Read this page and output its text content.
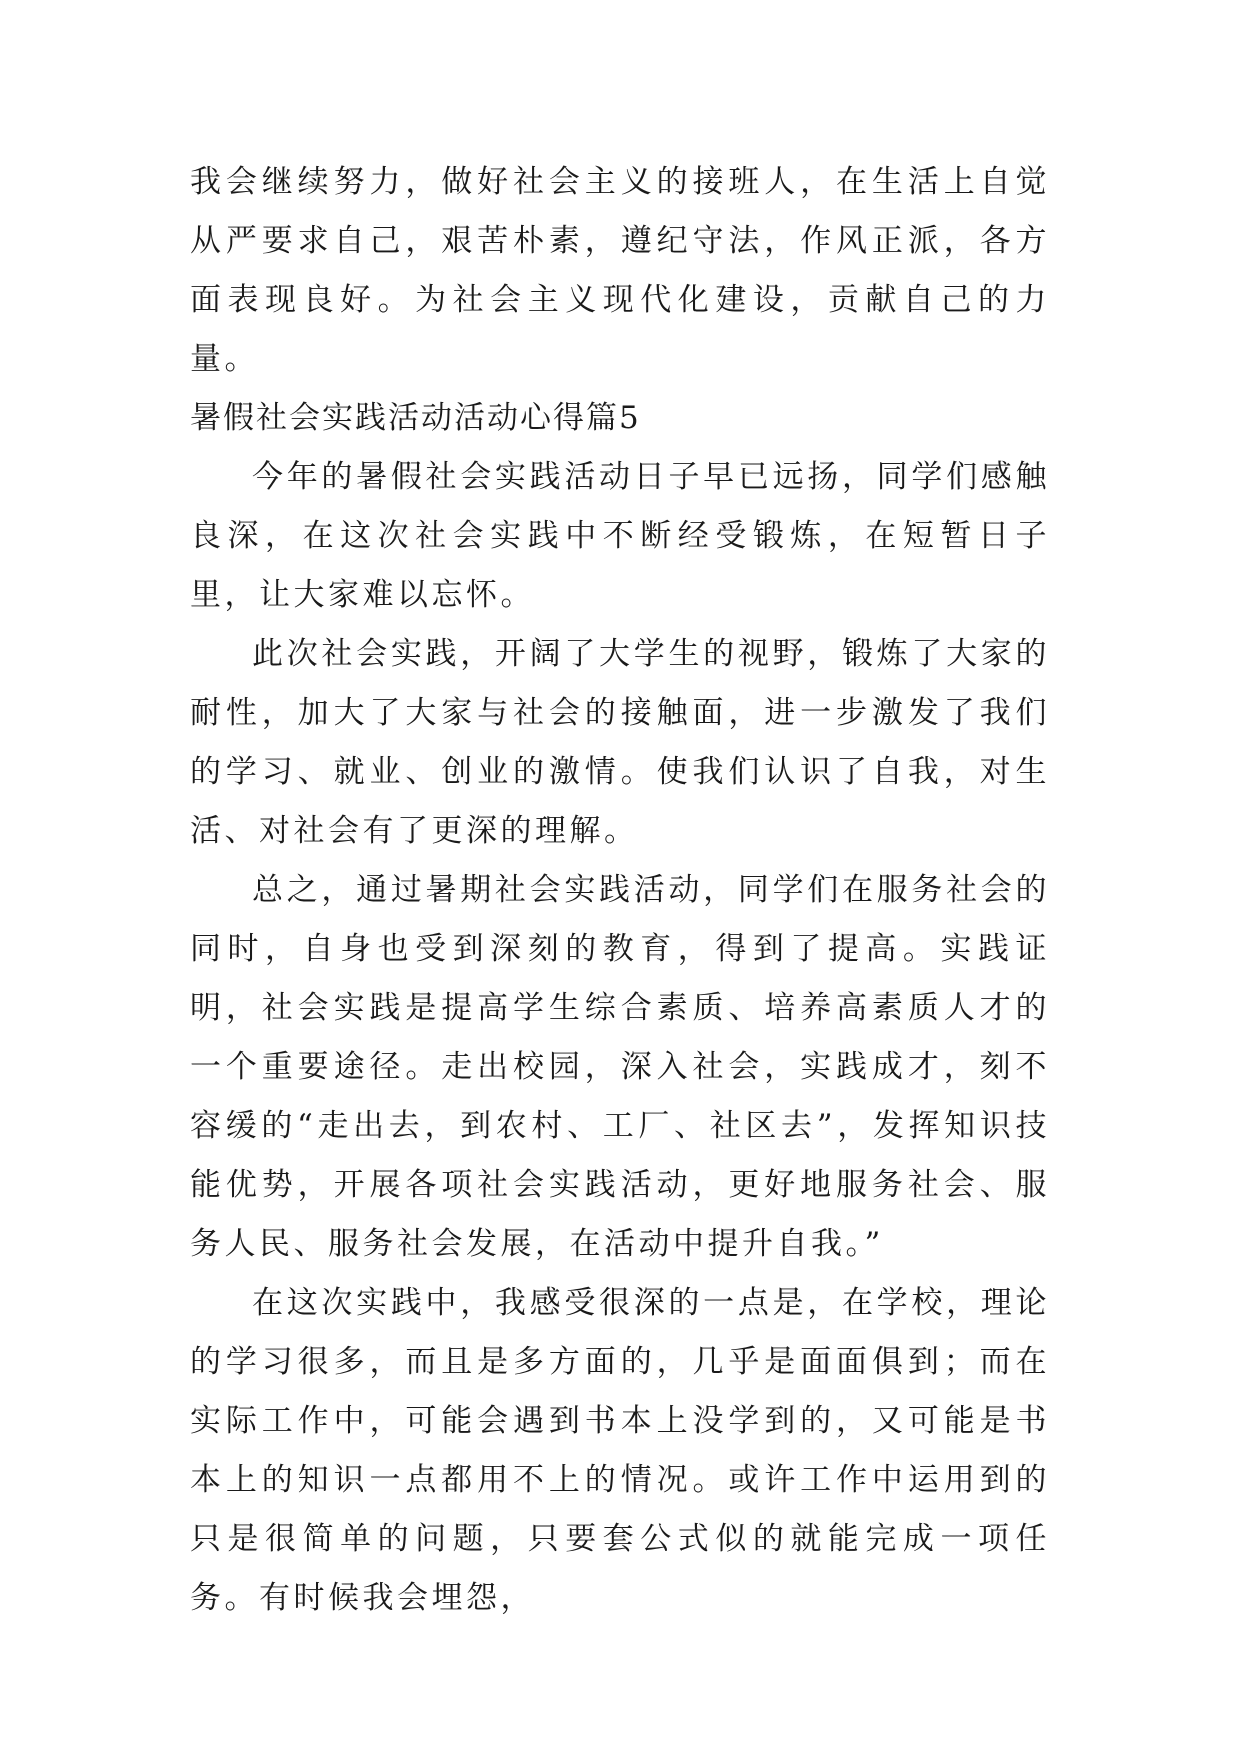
我会继续努力，做好社会主义的接班人，在生活上自觉从严要求自己，艰苦朴素，遵纪守法，作风正派，各方面表现良好。为社会主义现代化建设，贡献自己的力量。

暑假社会实践活动活动心得篇5

今年的暑假社会实践活动日子早已远扬，同学们感触良深，在这次社会实践中不断经受锻炼，在短暂日子里，让大家难以忘怀。

此次社会实践，开阔了大学生的视野，锻炼了大家的耐性，加大了大家与社会的接触面，进一步激发了我们的学习、就业、创业的激情。使我们认识了自我，对生活、对社会有了更深的理解。

总之，通过暑期社会实践活动，同学们在服务社会的同时，自身也受到深刻的教育，得到了提高。实践证明，社会实践是提高学生综合素质、培养高素质人才的一个重要途径。走出校园，深入社会，实践成才，刻不容缓的“走出去，到农村、工厂、社区去”，发挥知识技能优势，开展各项社会实践活动，更好地服务社会、服务人民、服务社会发展，在活动中提升自我。”

在这次实践中，我感受很深的一点是，在学校，理论的学习很多，而且是多方面的，几乎是面面俱到；而在实际工作中，可能会遇到书本上没学到的，又可能是书本上的知识一点都用不上的情况。或许工作中运用到的只是很简单的问题，只要套公式似的就能完成一项任务。有时候我会埋怨，
